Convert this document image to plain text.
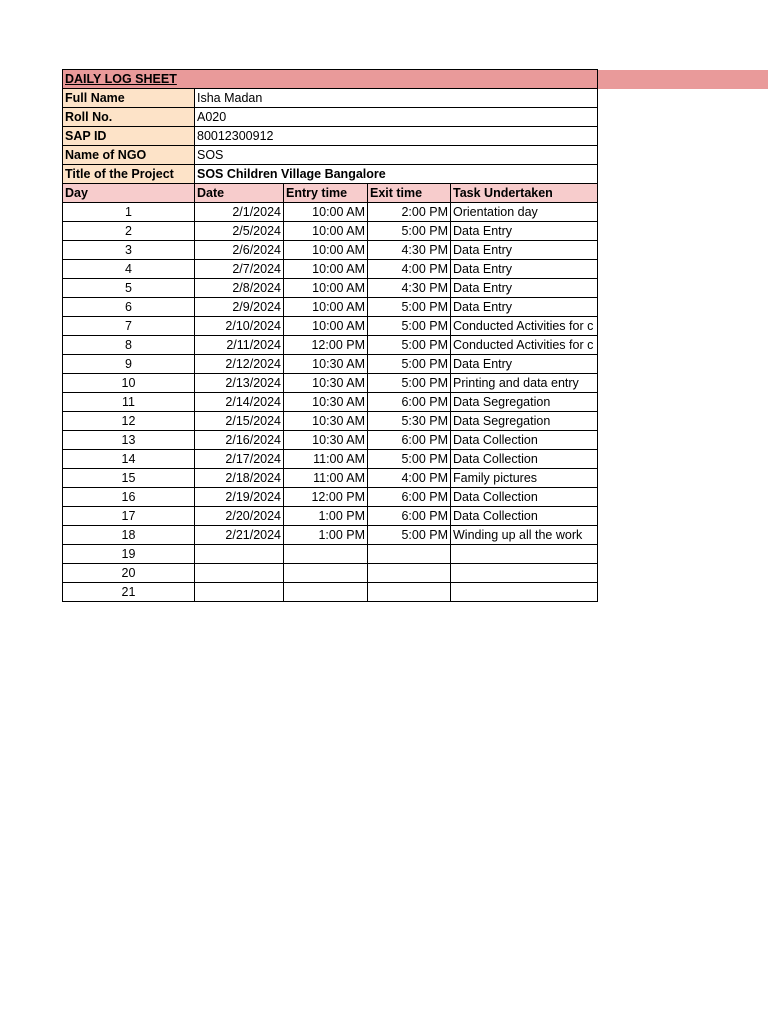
DAILY LOG SHEET				
Full Name	Isha Madan			
Roll No.	A020			
SAP ID	80012300912			
Name of NGO	SOS			
Title of the Project	SOS Children Village Bangalore			
Day	Date	Entry time	Exit time	Task Undertaken
1	2/1/2024	10:00 AM	2:00 PM	Orientation day
2	2/5/2024	10:00 AM	5:00 PM	Data Entry
3	2/6/2024	10:00 AM	4:30 PM	Data Entry
4	2/7/2024	10:00 AM	4:00 PM	Data Entry
5	2/8/2024	10:00 AM	4:30 PM	Data Entry
6	2/9/2024	10:00 AM	5:00 PM	Data Entry
7	2/10/2024	10:00 AM	5:00 PM	Conducted Activities for c
8	2/11/2024	12:00 PM	5:00 PM	Conducted Activities for c
9	2/12/2024	10:30 AM	5:00 PM	Data Entry
10	2/13/2024	10:30 AM	5:00 PM	Printing and data entry
11	2/14/2024	10:30 AM	6:00 PM	Data Segregation
12	2/15/2024	10:30 AM	5:30 PM	Data Segregation
13	2/16/2024	10:30 AM	6:00 PM	Data Collection
14	2/17/2024	11:00 AM	5:00 PM	Data Collection
15	2/18/2024	11:00 AM	4:00 PM	Family pictures
16	2/19/2024	12:00 PM	6:00 PM	Data Collection
17	2/20/2024	1:00 PM	6:00 PM	Data Collection
18	2/21/2024	1:00 PM	5:00 PM	Winding up all the work
19				
20				
21				
